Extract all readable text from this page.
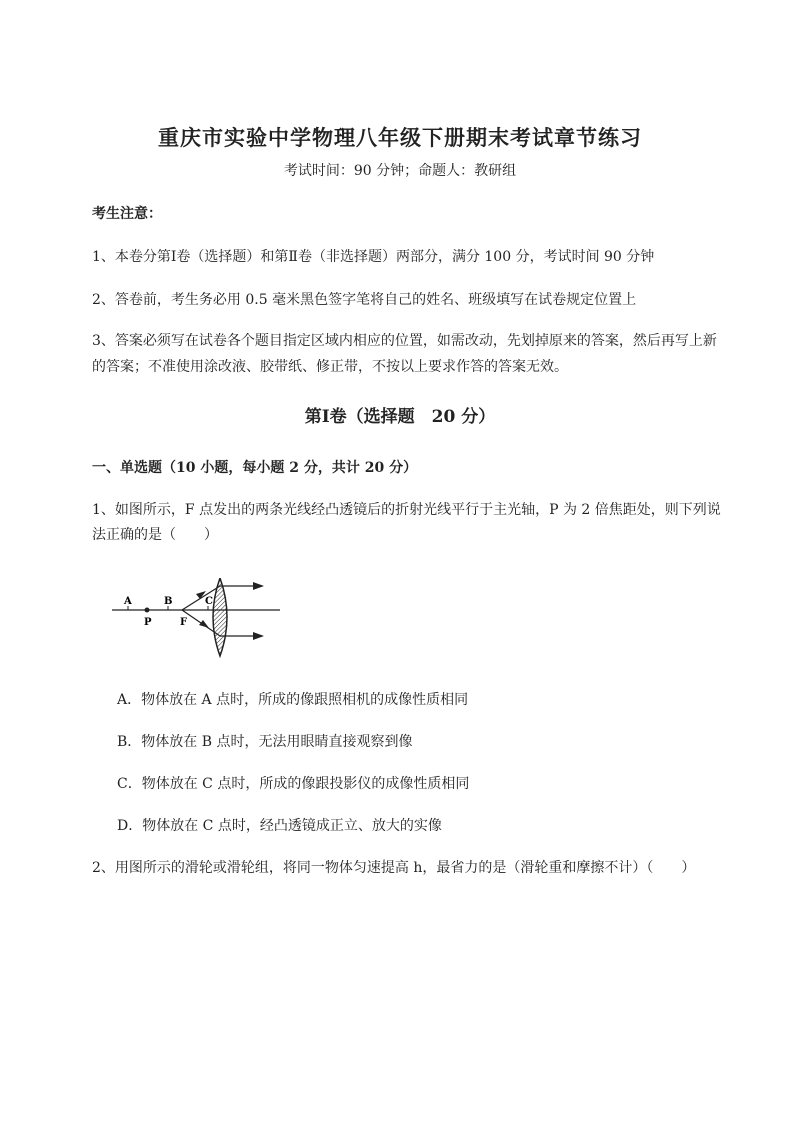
重庆市实验中学物理八年级下册期末考试章节练习
考试时间：90 分钟；命题人：教研组
考生注意：
1、本卷分第Ⅰ卷（选择题）和第Ⅱ卷（非选择题）两部分，满分 100 分，考试时间 90 分钟
2、答卷前，考生务必用 0.5 毫米黑色签字笔将自己的姓名、班级填写在试卷规定位置上
3、答案必须写在试卷各个题目指定区域内相应的位置，如需改动，先划掉原来的答案，然后再写上新
的答案；不准使用涂改液、胶带纸、修正带，不按以上要求作答的答案无效。
第Ⅰ卷（选择题　20 分）
一、单选题（10 小题，每小题 2 分，共计 20 分）
1、如图所示，F 点发出的两条光线经凸透镜后的折射光线平行于主光轴，P 为 2 倍焦距处，则下列说
法正确的是（　　）
A	B	C
P	F
A．物体放在 A 点时，所成的像跟照相机的成像性质相同
B．物体放在 B 点时，无法用眼睛直接观察到像
C．物体放在 C 点时，所成的像跟投影仪的成像性质相同
D．物体放在 C 点时，经凸透镜成正立、放大的实像
2、用图所示的滑轮或滑轮组，将同一物体匀速提高 h，最省力的是（滑轮重和摩擦不计）（　　）
